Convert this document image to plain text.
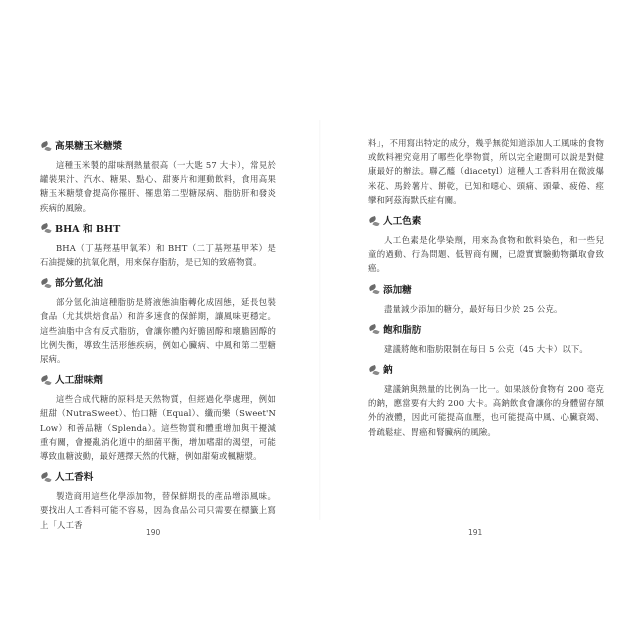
高果糖玉米糖漿

這種玉米製的甜味劑熱量很高（一大匙 57 大卡），常見於罐裝果汁、汽水、糖果、點心、甜麥片和運動飲料，食用高果糖玉米糖漿會提高你罹肝、罹患第二型糖尿病、脂肪肝和發炎疾病的風險。

BHA 和 BHT

BHA（丁基羥基甲氧苯）和 BHT（二丁基羥基甲苯）是石油提煉的抗氧化劑，用來保存脂肪，是已知的致癌物質。

部分氫化油

部分氫化油這種脂肪是將液態油脂轉化成固態，延長包裝食品（尤其烘焙食品）和許多速食的保鮮期，讓風味更穩定。這些油脂中含有反式脂肪，會讓你體內好膽固醇和壞膽固醇的比例失衡，導致生活形態疾病，例如心臟病、中風和第二型糖尿病。

人工甜味劑

這些合成代糖的原料是天然物質，但經過化學處理，例如紐甜（NutraSweet）、怡口糖（Equal）、纖而樂（Sweet'N Low）和善品糖（Splenda）。這些物質和體重增加與干擾減重有關，會擾亂消化道中的細菌平衡，增加嗜甜的渴望，可能導致血糖波動，最好選擇天然的代糖，例如甜菊或楓糖漿。

人工香料

製造商用這些化學添加物，替保鮮期長的產品增添風味。要找出人工香料可能不容易，因為食品公司只需要在標籤上寫上「人工香

190

料」，不用寫出特定的成分，幾乎無從知道添加人工風味的食物或飲料裡究竟用了哪些化學物質，所以完全避開可以說是對健康最好的辦法。聯乙醯（diacetyl）這種人工香料用在微波爆米花、馬鈴薯片、餅乾，已知和噁心、頭痛、頭暈、疲倦、痙攣和阿茲海默氏症有關。

人工色素

人工色素是化學染劑，用來為食物和飲料染色，和一些兒童的過動、行為問題、低智商有關，已證實實驗動物攝取會致癌。

添加糖

盡量減少添加的糖分，最好每日少於 25 公克。

飽和脂肪

建議將飽和脂肪限制在每日 5 公克（45 大卡）以下。

鈉

建議鈉與熱量的比例為一比一。如果該份食物有 200 毫克的鈉，應當要有大約 200 大卡。高鈉飲食會讓你的身體留存額外的液體，因此可能提高血壓，也可能提高中風、心臟衰竭、骨疏鬆症、胃癌和腎臟病的風險。

191
